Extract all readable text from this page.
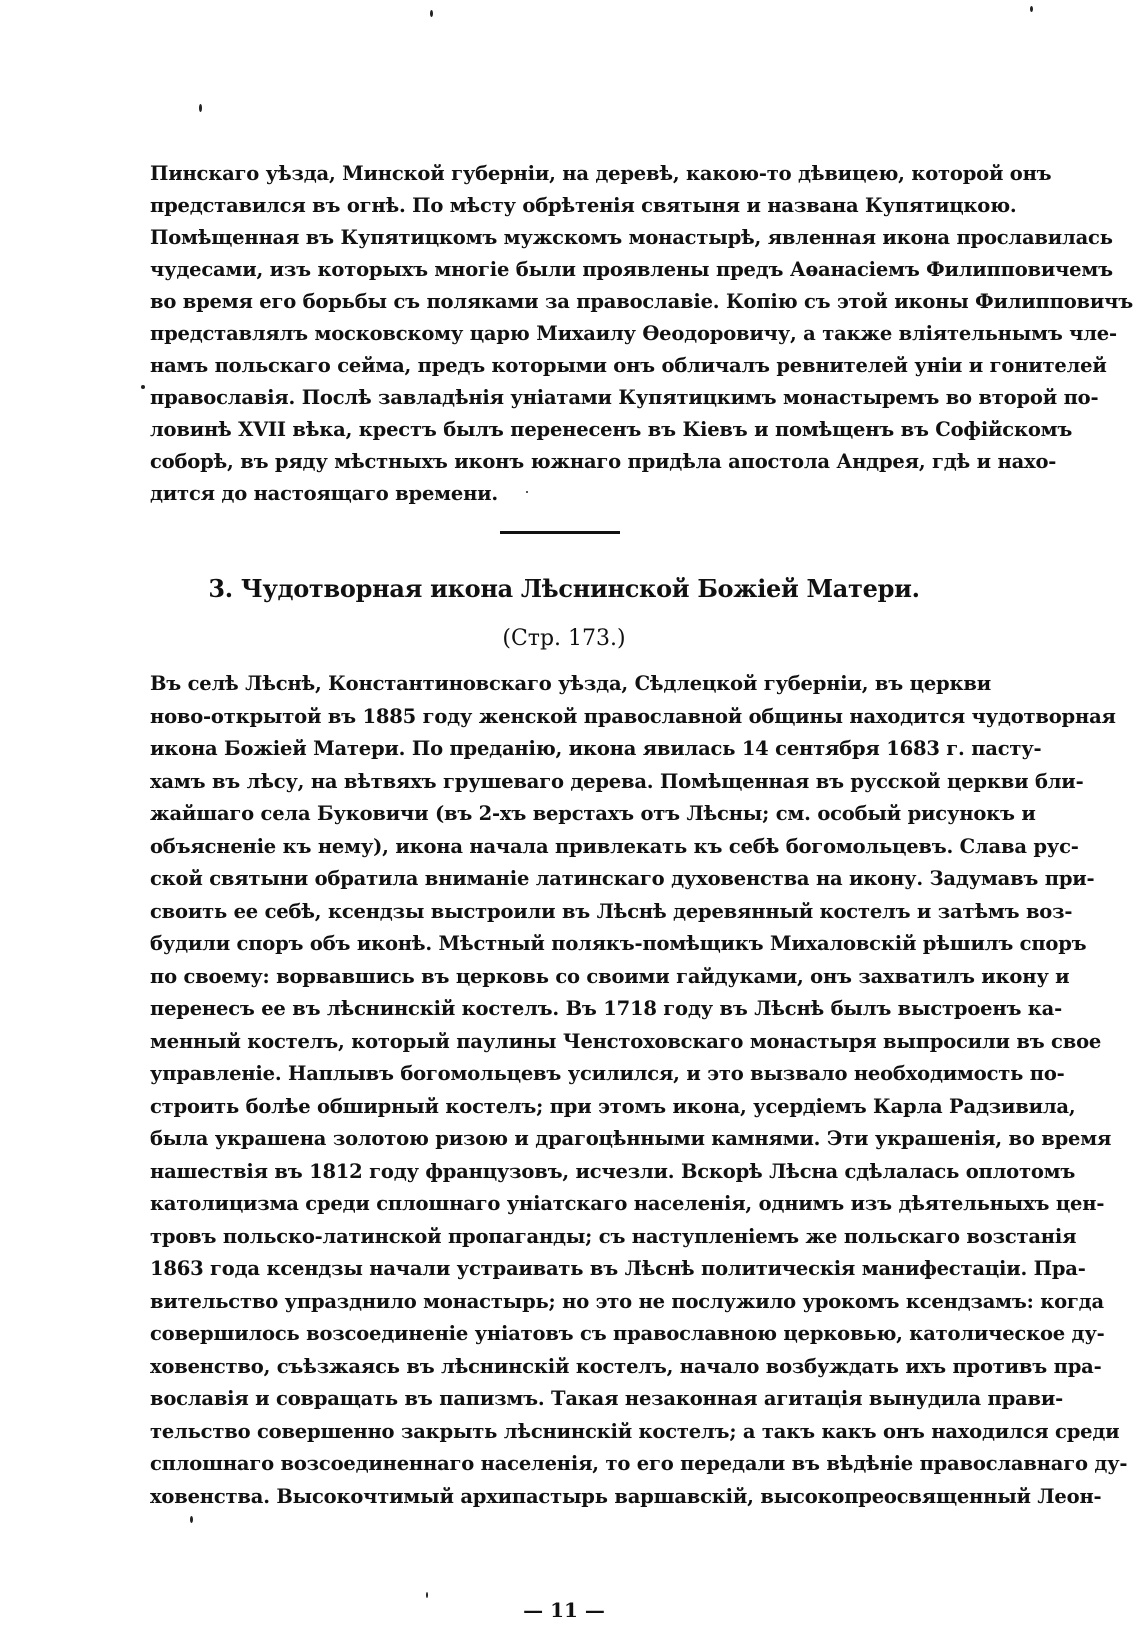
Пинскаго уѣзда, Минской губерніи, на деревѣ, какою-то дѣвицею, которой онъ
представился въ огнѣ. По мѣсту обрѣтенія святыня и названа Купятицкою.
Помѣщенная въ Купятицкомъ мужскомъ монастырѣ, явленная икона прославилась
чудесами, изъ которыхъ многіе были проявлены предъ Аѳанасіемъ Филипповичемъ
во время его борьбы съ поляками за православіе. Копію съ этой иконы Филипповичъ
представлялъ московскому царю Михаилу Ѳеодоровичу, а также вліятельнымъ чле-
намъ польскаго сейма, предъ которыми онъ обличалъ ревнителей уніи и гонителей
православія. Послѣ завладѣнія уніатами Купятицкимъ монастыремъ во второй по-
ловинѣ XVII вѣка, крестъ былъ перенесенъ въ Кіевъ и помѣщенъ въ Софійскомъ
соборѣ, въ ряду мѣстныхъ иконъ южнаго придѣла апостола Андрея, гдѣ и нахо-
дится до настоящаго времени.
3. Чудотворная икона Лѣснинской Божіей Матери.
(Стр. 173.)
Въ селѣ Лѣснѣ, Константиновскаго уѣзда, Сѣдлецкой губерніи, въ церкви
ново-открытой въ 1885 году женской православной общины находится чудотворная
икона Божіей Матери. По преданію, икона явилась 14 сентября 1683 г. пасту-
хамъ въ лѣсу, на вѣтвяхъ грушеваго дерева. Помѣщенная въ русской церкви бли-
жайшаго села Буковичи (въ 2-хъ верстахъ отъ Лѣсны; см. особый рисунокъ и
объясненіе къ нему), икона начала привлекать къ себѣ богомольцевъ. Слава рус-
ской святыни обратила вниманіе латинскаго духовенства на икону. Задумавъ при-
своить ее себѣ, ксендзы выстроили въ Лѣснѣ деревянный костелъ и затѣмъ воз-
будили споръ объ иконѣ. Мѣстный полякъ-помѣщикъ Михаловскій рѣшилъ споръ
по своему: ворвавшись въ церковь со своими гайдуками, онъ захватилъ икону и
перенесъ ее въ лѣснинскій костелъ. Въ 1718 году въ Лѣснѣ былъ выстроенъ ка-
менный костелъ, который паулины Ченстоховскаго монастыря выпросили въ свое
управленіе. Наплывъ богомольцевъ усилился, и это вызвало необходимость по-
строить болѣе обширный костелъ; при этомъ икона, усердіемъ Карла Радзивила,
была украшена золотою ризою и драгоцѣнными камнями. Эти украшенія, во время
нашествія въ 1812 году французовъ, исчезли. Вскорѣ Лѣсна сдѣлалась оплотомъ
католицизма среди сплошнаго уніатскаго населенія, однимъ изъ дѣятельныхъ цен-
тровъ польско-латинской пропаганды; съ наступленіемъ же польскаго возстанія
1863 года ксендзы начали устраивать въ Лѣснѣ политическія манифестаціи. Пра-
вительство упразднило монастырь; но это не послужило урокомъ ксендзамъ: когда
совершилось возсоединеніе уніатовъ съ православною церковью, католическое ду-
ховенство, съѣзжаясь въ лѣснинскій костелъ, начало возбуждать ихъ противъ пра-
вославія и совращать въ папизмъ. Такая незаконная агитація вынудила прави-
тельство совершенно закрыть лѣснинскій костелъ; а такъ какъ онъ находился среди
сплошнаго возсоединеннаго населенія, то его передали въ вѣдѣніе православнаго ду-
ховенства. Высокочтимый архипастырь варшавскій, высокопреосвященный Леон-
— 11 —
